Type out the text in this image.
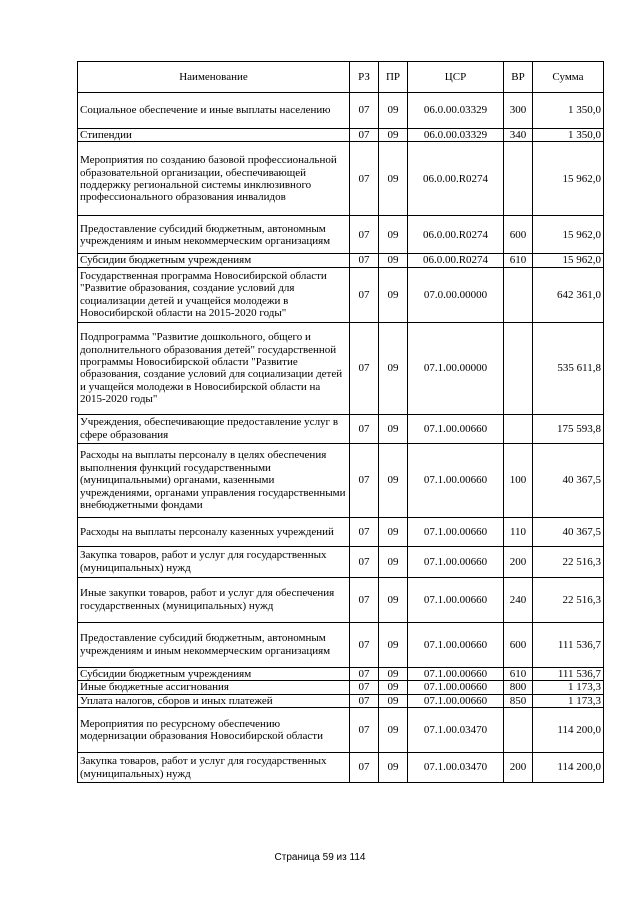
Наименование	РЗ	ПР	ЦСР	ВР	Сумма
Социальное обеспечение и иные выплаты населению	07	09	06.0.00.03329	300	1 350,0
Стипендии	07	09	06.0.00.03329	340	1 350,0
Мероприятия по созданию базовой профессиональной образовательной организации, обеспечивающей поддержку региональной системы инклюзивного профессионального образования инвалидов	07	09	06.0.00.R0274		15 962,0
Предоставление субсидий бюджетным, автономным учреждениям и иным некоммерческим организациям	07	09	06.0.00.R0274	600	15 962,0
Субсидии бюджетным учреждениям	07	09	06.0.00.R0274	610	15 962,0
Государственная программа Новосибирской области "Развитие образования, создание условий для социализации детей и учащейся молодежи в Новосибирской области на 2015-2020 годы"	07	09	07.0.00.00000		642 361,0
Подпрограмма "Развитие дошкольного, общего и дополнительного образования детей" государственной программы Новосибирской области "Развитие образования, создание условий для социализации детей и учащейся молодежи в Новосибирской области на 2015-2020 годы"	07	09	07.1.00.00000		535 611,8
Учреждения, обеспечивающие предоставление услуг в сфере образования	07	09	07.1.00.00660		175 593,8
Расходы на выплаты персоналу в целях обеспечения выполнения функций государственными (муниципальными) органами, казенными учреждениями, органами управления государственными внебюджетными фондами	07	09	07.1.00.00660	100	40 367,5
Расходы на выплаты персоналу казенных учреждений	07	09	07.1.00.00660	110	40 367,5
Закупка товаров, работ и услуг для государственных (муниципальных) нужд	07	09	07.1.00.00660	200	22 516,3
Иные закупки товаров, работ и услуг для обеспечения государственных (муниципальных) нужд	07	09	07.1.00.00660	240	22 516,3
Предоставление субсидий бюджетным, автономным учреждениям и иным некоммерческим организациям	07	09	07.1.00.00660	600	111 536,7
Субсидии бюджетным учреждениям	07	09	07.1.00.00660	610	111 536,7
Иные бюджетные ассигнования	07	09	07.1.00.00660	800	1 173,3
Уплата налогов, сборов и иных платежей	07	09	07.1.00.00660	850	1 173,3
Мероприятия по ресурсному обеспечению модернизации образования Новосибирской области	07	09	07.1.00.03470		114 200,0
Закупка товаров, работ и услуг для государственных (муниципальных) нужд	07	09	07.1.00.03470	200	114 200,0
Страница 59 из 114
